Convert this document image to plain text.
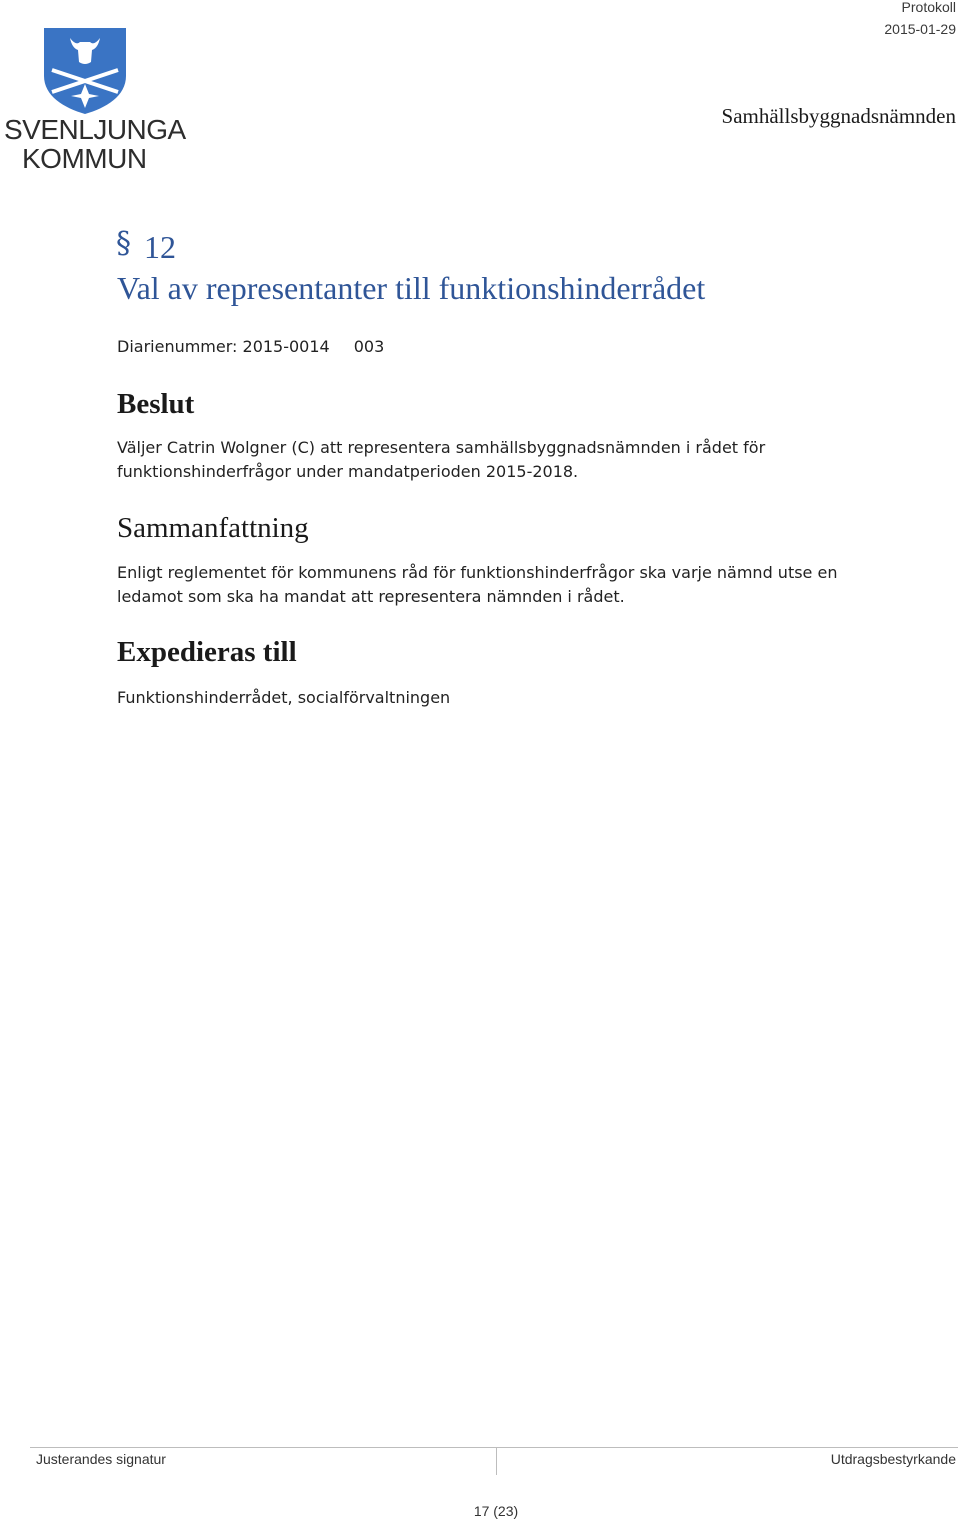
SVENLJUNGA
KOMMUN
Protokoll
2015-01-29
Samhällsbyggnadsnämnden
§ 12
Val av representanter till funktionshinderrådet
Diarienummer: 2015-0014 003
Beslut
Väljer Catrin Wolgner (C) att representera samhällsbyggnadsnämnden i rådet för funktionshinderfrågor under mandatperioden 2015-2018.
Sammanfattning
Enligt reglementet för kommunens råd för funktionshinderfrågor ska varje nämnd utse en ledamot som ska ha mandat att representera nämnden i rådet.
Expedieras till
Funktionshinderrådet, socialförvaltningen
Justerandes signatur	Utdragsbestyrkande
17 (23)
